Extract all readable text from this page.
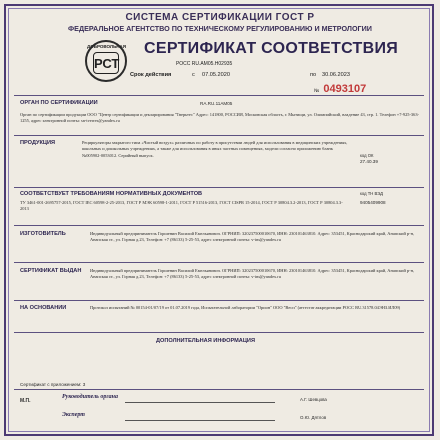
СИСТЕМА СЕРТИФИКАЦИИ ГОСТ Р
ФЕДЕРАЛЬНОЕ АГЕНТСТВО ПО ТЕХНИЧЕСКОМУ РЕГУЛИРОВАНИЮ И МЕТРОЛОГИИ
ДОБРОВОЛЬНАЯ
РСТ
СЕРТИФИКАТ СООТВЕТСТВИЯ
РОСС RU.АМ05.Н02935
Срок действия	с 07.05.2020	по 30.06.2023
№ 0493107
ОРГАН ПО СЕРТИФИКАЦИИ	RA.RU.11АМ05
Орган по сертификации продукции ООО "Центр сертификации и декларирования "Тверьтес" Адрес: 141800, РОССИЯ, Московская область, г. Мытищи, ул. Олимпийский, владение 43, стр. 1. Телефон +7-925-363-1255, адрес электронной почты: sn-tverres@yandex.ru
ПРОДУКЦИЯ	Рециркуляторы закрытого типа «Чистый воздух» различных по работу в присутствии людей для использования в медицинских учреждениях, школьных и дошкольных учреждениях, а также для использования в иных частных помещениях, модели согласно приложению бланк №005902-0053012. Серийный выпуск.	код ОК
27.40.39
СООТВЕТСТВУЕТ ТРЕБОВАНИЯМ НОРМАТИВНЫХ ДОКУМЕНТОВ
ТУ 3461-001-2695757-2015, ГОСТ IEC 60598-2-25-2013, ГОСТ Р МЭК 60598-1-2011, ГОСТ Р 51516-2013, ГОСТ CISPR 15-2014, ГОСТ Р 30804.3.2-2013, ГОСТ Р 30804.3.3-2013
код ТН ВЭД
9405409908
ИЗГОТОВИТЕЛЬ	Индивидуальный предприниматель Горшенин Василий Емельянович. ОГРНИП: 320237500010670, ИНН: 230101463810. Адрес: 353451, Краснодарский край, Анапский р-н, Анапская ст., ул. Горная д.23, Телефон: +7 (86133) 5-25-53, адрес электронной почты: v-im@yandex.ru
СЕРТИФИКАТ ВЫДАН Индивидуальный предприниматель Горшенин Василий Емельянович. ОГРНИП: 320237500010670, ИНН: 230101463810. Адрес: 353451, Краснодарский край, Анапский р-н, Анапская ст., ул. Горная д.23, Телефон: +7 (86133) 5-25-53, адрес электронной почты: v-im@yandex.ru
НА ОСНОВАНИИ	Протокол испытаний № 00154-01/07/19 от 01.07.2019 года, Испытательной лаборатории "Орион" ООО "Весп" (аттестат аккредитации РОСС RU.31578.04ЭНЗ.ИЛ09)
ДОПОЛНИТЕЛЬНАЯ ИНФОРМАЦИЯ
Сертификат с приложением: 3
М.П.
Руководитель органа	А.Г. Шевцова
Эксперт	О.Ю. Дятлов
